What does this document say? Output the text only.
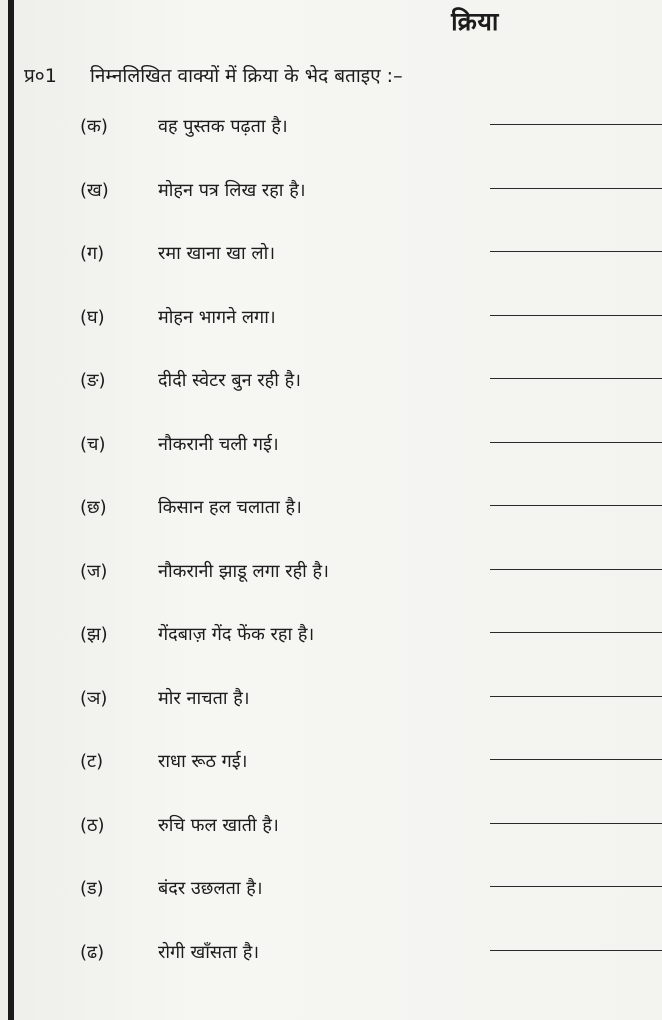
क्रिया
प्र०1 निम्नलिखित वाक्यों में क्रिया के भेद बताइए :–
(क)	वह पुस्तक पढ़ता है।
(ख)	मोहन पत्र लिख रहा है।
(ग)	रमा खाना खा लो।
(घ)	मोहन भागने लगा।
(ङ)	दीदी स्वेटर बुन रही है।
(च)	नौकरानी चली गई।
(छ)	किसान हल चलाता है।
(ज)	नौकरानी झाडू लगा रही है।
(झ)	गेंदबाज़ गेंद फेंक रहा है।
(ञ)	मोर नाचता है।
(ट)	राधा रूठ गई।
(ठ)	रुचि फल खाती है।
(ड)	बंदर उछलता है।
(ढ)	रोगी खाँसता है।
